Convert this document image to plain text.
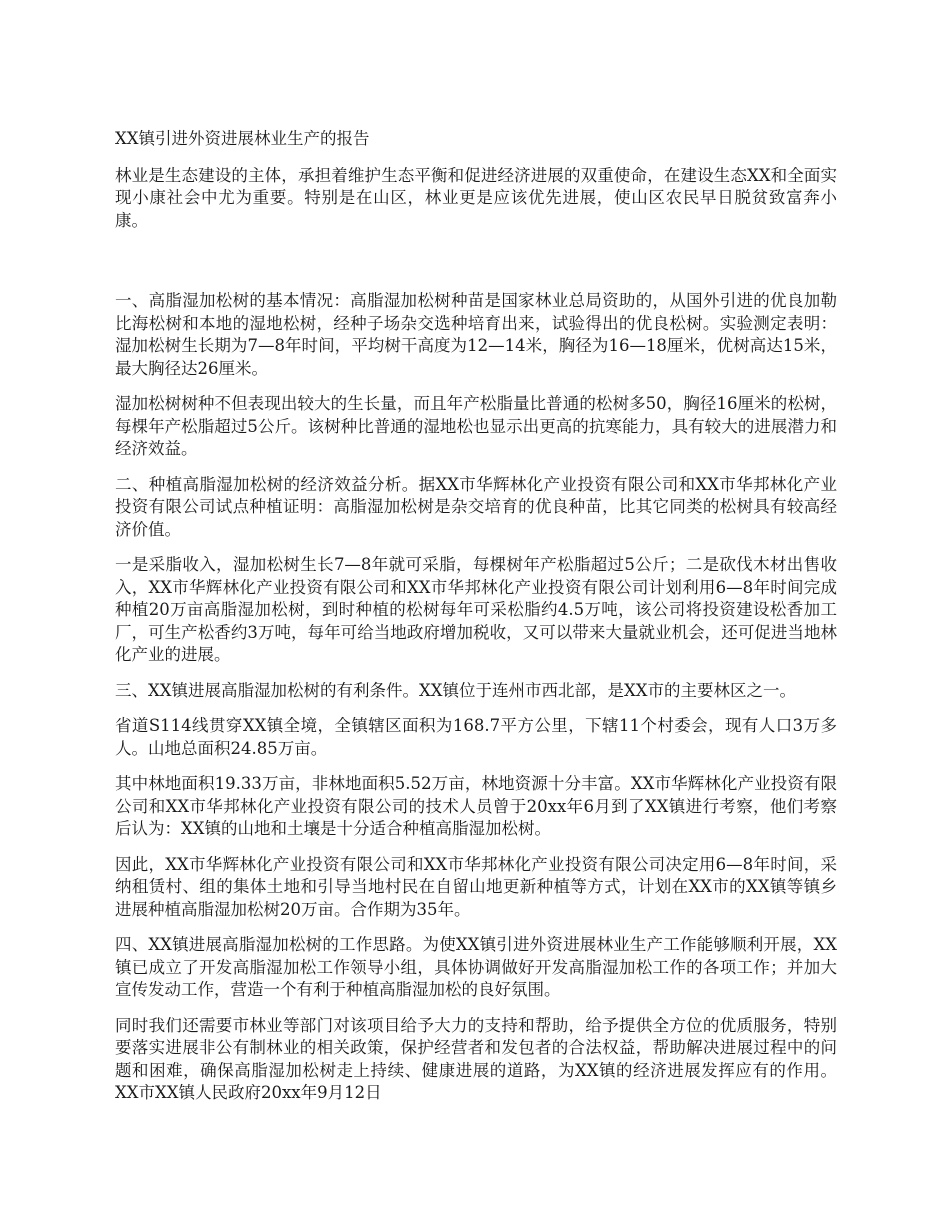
XX镇引进外资进展林业生产的报告

林业是生态建设的主体，承担着维护生态平衡和促进经济进展的双重使命，在建设生态XX和全面实现小康社会中尤为重要。特别是在山区，林业更是应该优先进展，使山区农民早日脱贫致富奔小康。

一、高脂湿加松树的基本情况：高脂湿加松树种苗是国家林业总局资助的，从国外引进的优良加勒比海松树和本地的湿地松树，经种子场杂交选种培育出来，试验得出的优良松树。实验测定表明：湿加松树生长期为7—8年时间，平均树干高度为12—14米，胸径为16—18厘米，优树高达15米，最大胸径达26厘米。

湿加松树树种不但表现出较大的生长量，而且年产松脂量比普通的松树多50，胸径16厘米的松树，每棵年产松脂超过5公斤。该树种比普通的湿地松也显示出更高的抗寒能力，具有较大的进展潜力和经济效益。

二、种植高脂湿加松树的经济效益分析。据XX市华辉林化产业投资有限公司和XX市华邦林化产业投资有限公司试点种植证明：高脂湿加松树是杂交培育的优良种苗，比其它同类的松树具有较高经济价值。

一是采脂收入，湿加松树生长7—8年就可采脂，每棵树年产松脂超过5公斤；二是砍伐木材出售收入，XX市华辉林化产业投资有限公司和XX市华邦林化产业投资有限公司计划利用6—8年时间完成种植20万亩高脂湿加松树，到时种植的松树每年可采松脂约4.5万吨，该公司将投资建设松香加工厂，可生产松香约3万吨，每年可给当地政府增加税收，又可以带来大量就业机会，还可促进当地林化产业的进展。

三、XX镇进展高脂湿加松树的有利条件。XX镇位于连州市西北部，是XX市的主要林区之一。

省道S114线贯穿XX镇全境，全镇辖区面积为168.7平方公里，下辖11个村委会，现有人口3万多人。山地总面积24.85万亩。

其中林地面积19.33万亩，非林地面积5.52万亩，林地资源十分丰富。XX市华辉林化产业投资有限公司和XX市华邦林化产业投资有限公司的技术人员曾于20xx年6月到了XX镇进行考察，他们考察后认为：XX镇的山地和土壤是十分适合种植高脂湿加松树。

因此，XX市华辉林化产业投资有限公司和XX市华邦林化产业投资有限公司决定用6—8年时间，采纳租赁村、组的集体土地和引导当地村民在自留山地更新种植等方式，计划在XX市的XX镇等镇乡进展种植高脂湿加松树20万亩。合作期为35年。

四、XX镇进展高脂湿加松树的工作思路。为使XX镇引进外资进展林业生产工作能够顺利开展，XX镇已成立了开发高脂湿加松工作领导小组，具体协调做好开发高脂湿加松工作的各项工作；并加大宣传发动工作，营造一个有利于种植高脂湿加松的良好氛围。

同时我们还需要市林业等部门对该项目给予大力的支持和帮助，给予提供全方位的优质服务，特别要落实进展非公有制林业的相关政策，保护经营者和发包者的合法权益，帮助解决进展过程中的问题和困难，确保高脂湿加松树走上持续、健康进展的道路，为XX镇的经济进展发挥应有的作用。XX市XX镇人民政府20xx年9月12日
